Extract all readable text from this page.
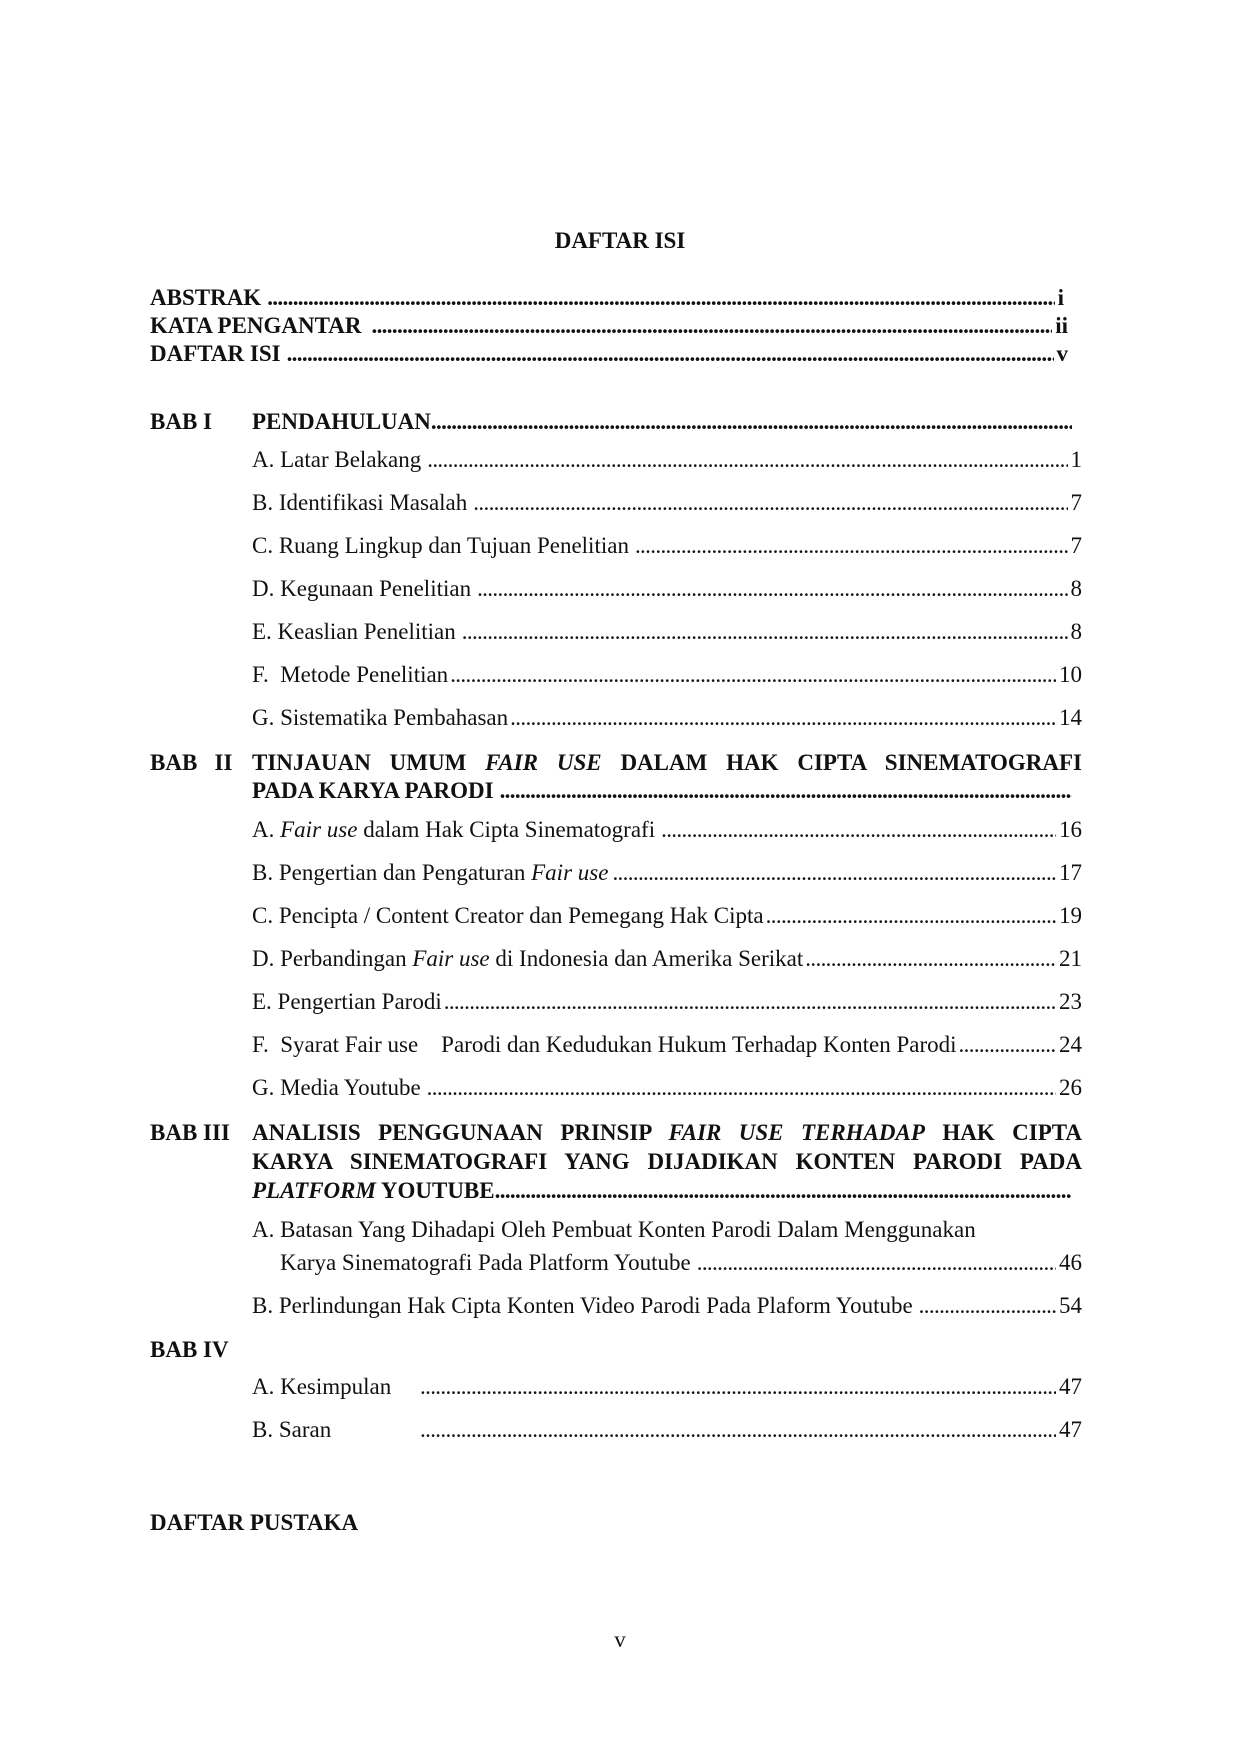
DAFTAR ISI
ABSTRAK . . .	i
KATA PENGANTAR . . .	ii
DAFTAR ISI . . .	v
BAB I PENDAHULUAN
. . .
A. Latar Belakang . . .	1
B. Identifikasi Masalah . . .	7
C. Ruang Lingkup dan Tujuan Penelitian . . .	7
D. Kegunaan Penelitian . . .	8
E. Keaslian Penelitian . . .	8
F.  Metode Penelitian . . .	10
G. Sistematika Pembahasan . . .	14
BAB   II TINJAUAN UMUM FAIR USE DALAM HAK CIPTA SINEMATOGRAFI
PADA KARYA PARODI
. . .
A. Fair use dalam Hak Cipta Sinematografi . . .	16
B. Pengertian dan Pengaturan Fair use . . .	17
C. Pencipta / Content Creator dan Pemegang Hak Cipta . . .	19
D. Perbandingan Fair use di Indonesia dan Amerika Serikat . . .	21
E. Pengertian Parodi . . .	23
F.  Syarat Fair use    Parodi dan Kedudukan Hukum Terhadap Konten Parodi . . .	24
G. Media Youtube . . .	26
BAB III ANALISIS PENGGUNAAN PRINSIP FAIR USE TERHADAP HAK CIPTA
KARYA SINEMATOGRAFI YANG DIJADIKAN KONTEN PARODI PADA
PLATFORM YOUTUBE
. . .
A. Batasan Yang Dihadapi Oleh Pembuat Konten Parodi Dalam Menggunakan
Karya Sinematografi Pada Platform Youtube . . .	46
B. Perlindungan Hak Cipta Konten Video Parodi Pada Plaform Youtube . . .	54
BAB IV
A. Kesimpulan . . .	47
B. Saran . . .	47
DAFTAR PUSTAKA
v
